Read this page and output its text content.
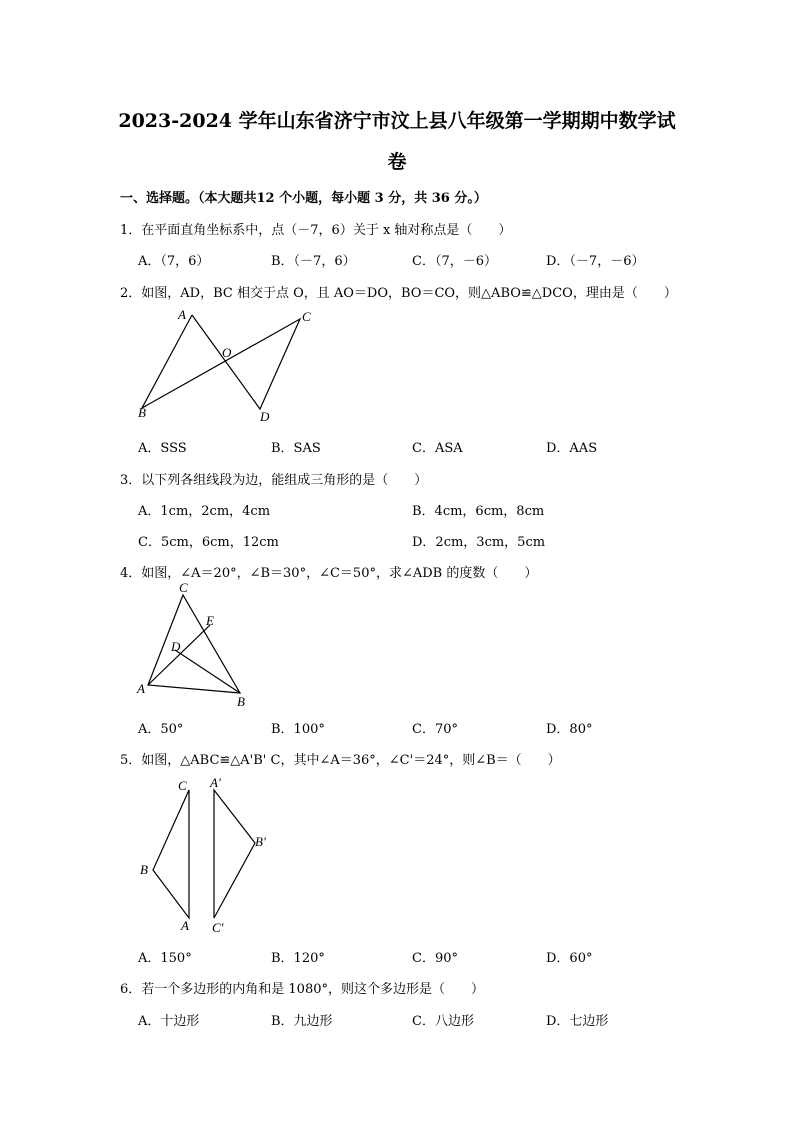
2023-2024 学年山东省济宁市汶上县八年级第一学期期中数学试
卷
一、选择题。（本大题共12 个小题，每小题 3 分，共 36 分。）
1．在平面直角坐标系中，点（－7，6）关于 x 轴对称点是（　　）
A．（7，6）	B．（－7，6）	C．（7，－6）	D．（－7，－6）
2．如图，AD，BC 相交于点 O，且 AO＝DO，BO＝CO，则△ABO≌△DCO，理由是（　　）
A	C
O
B	D
A．SSS	B．SAS	C．ASA	D．AAS
3．以下列各组线段为边，能组成三角形的是（　　）
A．1cm，2cm，4cm	B．4cm，6cm，8cm
C．5cm，6cm，12cm	D．2cm，3cm，5cm
4．如图，∠A＝20°，∠B＝30°，∠C＝50°，求∠ADB 的度数（　　）
C
E
D
A
B
A．50°	B．100°	C．70°	D．80°
5．如图，△ABC≌△A'B' C，其中∠A＝36°，∠C'＝24°，则∠B＝（　　）
C
B
A
A'
B'
C'
A．150°	B．120°	C．90°	D．60°
6．若一个多边形的内角和是 1080°，则这个多边形是（　　）
A．十边形	B．九边形	C．八边形	D．七边形
